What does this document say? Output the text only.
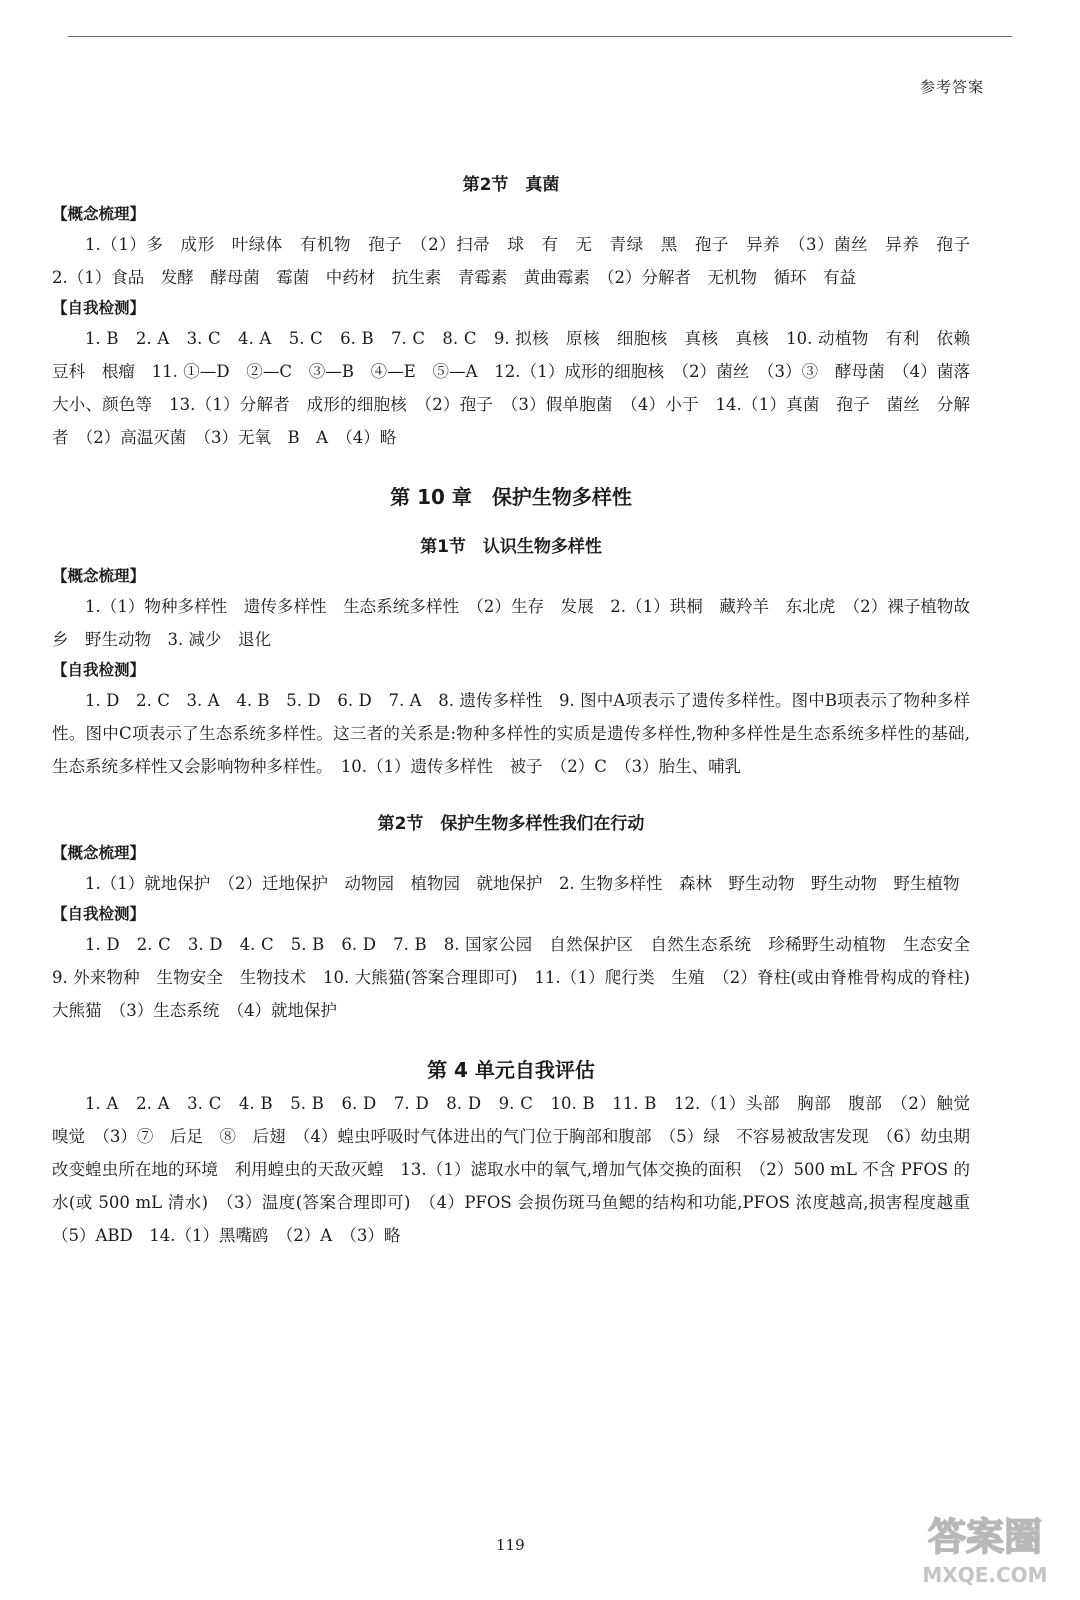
参考答案
第2节　真菌
【概念梳理】

1.（1）多　成形　叶绿体　有机物　孢子　（2）扫帚　球　有　无　青绿　黑　孢子　异养　（3）菌丝　异养　孢子　2.（1）食品　发酵　酵母菌　霉菌　中药材　抗生素　青霉素　黄曲霉素　（2）分解者　无机物　循环　有益

【自我检测】

1. B　2. A　3. C　4. A　5. C　6. B　7. C　8. C　9. 拟核　原核　细胞核　真核　真核　10. 动植物　有利　依赖　豆科　根瘤　11. ①—D　②—C　③—B　④—E　⑤—A　12.（1）成形的细胞核　（2）菌丝　（3）③　酵母菌　（4）菌落　大小、颜色等　13.（1）分解者　成形的细胞核　（2）孢子　（3）假单胞菌　（4）小于　14.（1）真菌　孢子　菌丝　分解者　（2）高温灭菌　（3）无氧　B　A　（4）略

第 10 章　保护生物多样性
第1节　认识生物多样性
【概念梳理】

1.（1）物种多样性　遗传多样性　生态系统多样性　（2）生存　发展　2.（1）珙桐　藏羚羊　东北虎　（2）裸子植物故乡　野生动物　3. 减少　退化

【自我检测】

1. D　2. C　3. A　4. B　5. D　6. D　7. A　8. 遗传多样性　9. 图中A项表示了遗传多样性。图中B项表示了物种多样性。图中C项表示了生态系统多样性。这三者的关系是:物种多样性的实质是遗传多样性,物种多样性是生态系统多样性的基础,生态系统多样性又会影响物种多样性。　10.（1）遗传多样性　被子　（2）C　（3）胎生、哺乳

第2节　保护生物多样性我们在行动
【概念梳理】

1.（1）就地保护　（2）迁地保护　动物园　植物园　就地保护　2. 生物多样性　森林　野生动物　野生动物　野生植物

【自我检测】

1. D　2. C　3. D　4. C　5. B　6. D　7. B　8. 国家公园　自然保护区　自然生态系统　珍稀野生动植物　生态安全　9. 外来物种　生物安全　生物技术　10. 大熊猫(答案合理即可)　11.（1）爬行类　生殖　（2）脊柱(或由脊椎骨构成的脊柱)　大熊猫　（3）生态系统　（4）就地保护

第 4 单元自我评估

1. A　2. A　3. C　4. B　5. B　6. D　7. D　8. D　9. C　10. B　11. B　12.（1）头部　胸部　腹部　（2）触觉　嗅觉　（3）⑦　后足　⑧　后翅　（4）蝗虫呼吸时气体进出的气门位于胸部和腹部　（5）绿　不容易被敌害发现　（6）幼虫期　改变蝗虫所在地的环境　利用蝗虫的天敌灭蝗　13.（1）滤取水中的氧气,增加气体交换的面积　（2）500 mL 不含 PFOS 的水(或 500 mL 清水)　（3）温度(答案合理即可)　（4）PFOS 会损伤斑马鱼鳃的结构和功能,PFOS 浓度越高,损害程度越重　（5）ABD　14.（1）黑嘴鸥　（2）A　（3）略

119	答案圈
MXQE.COM
